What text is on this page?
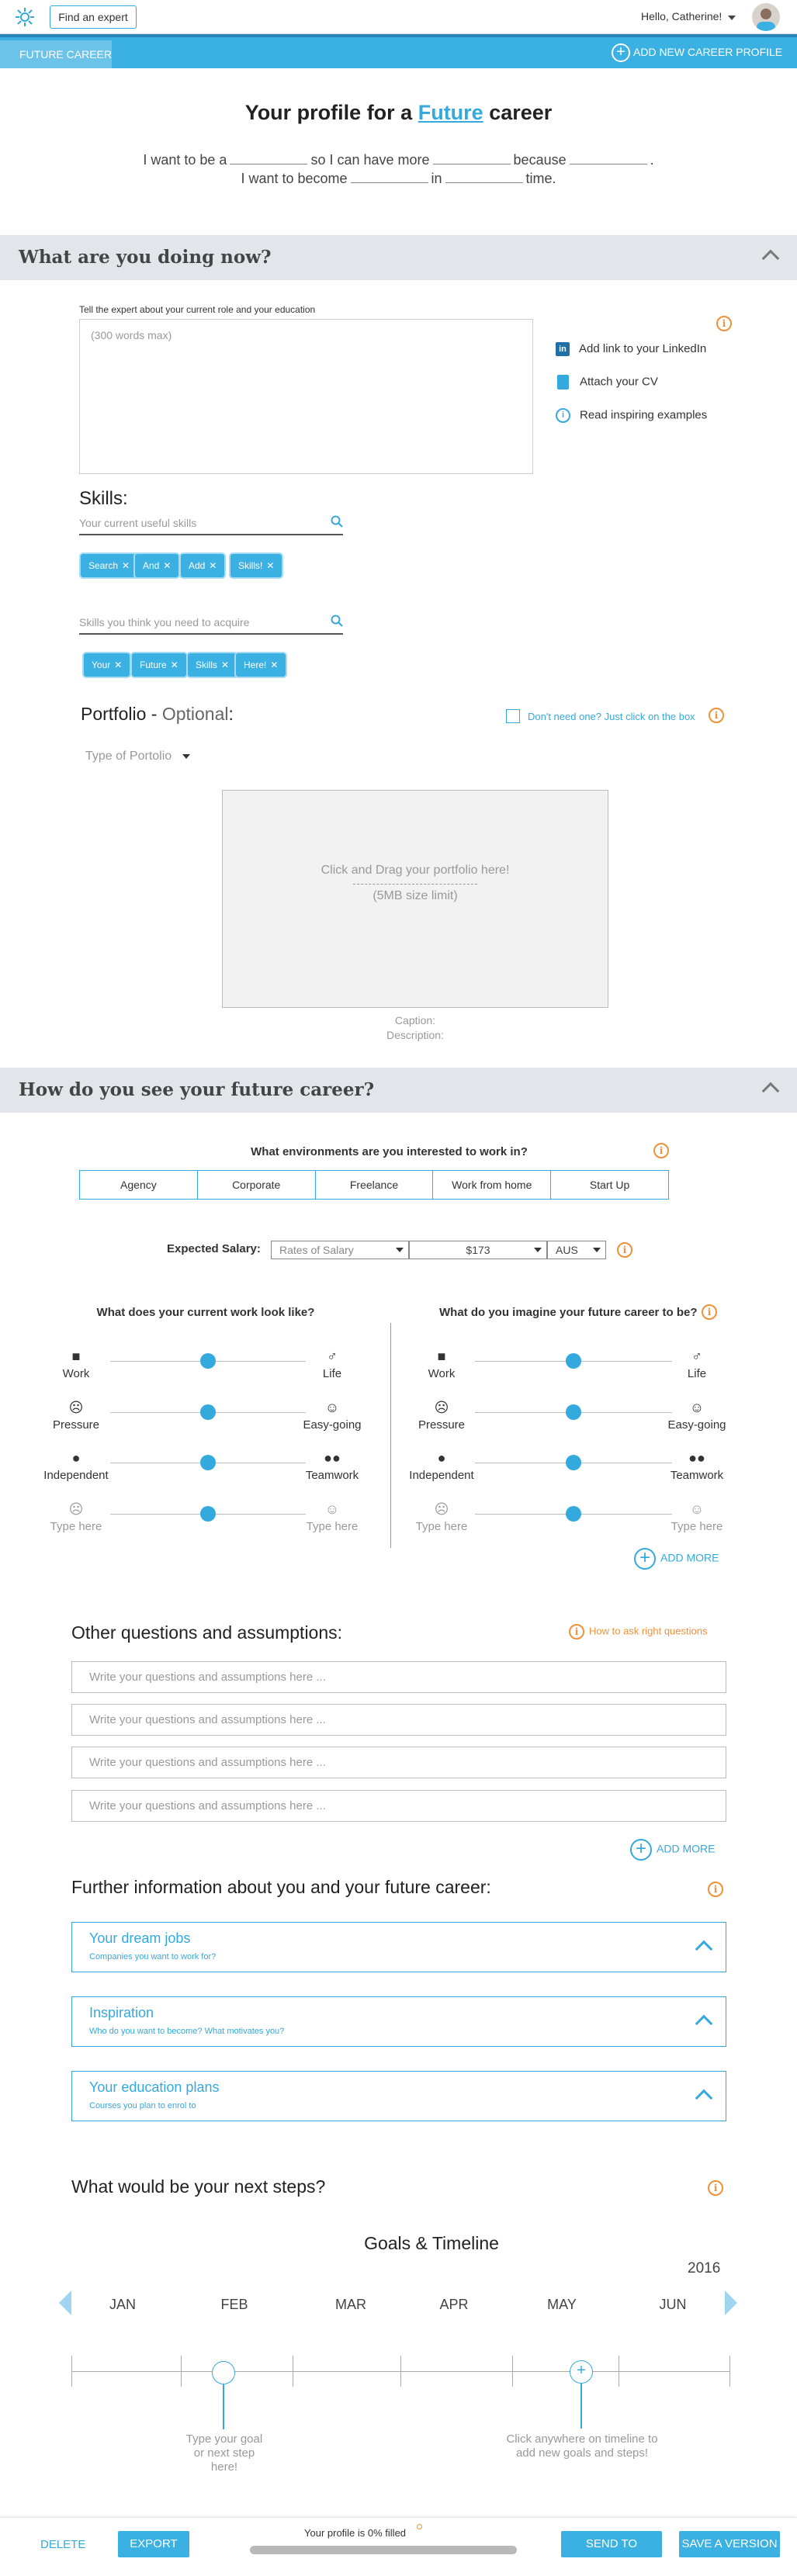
Find an expert	Hello, Catherine!
FUTURE CAREER	+ ADD NEW CAREER PROFILE
Your profile for a Future career
I want to be a	so I can have more	because	.
I want to become	in	time.
What are you doing now?
Tell the expert about your current role and your education
(300 words max)
i
in Add link to your LinkedIn
Attach your CV
i Read inspiring examples
Skills:
Your current useful skills
Search ✕	And ✕	Add ✕	Skills! ✕
Skills you think you need to acquire
Your ✕	Future ✕	Skills ✕	Here! ✕
Portfolio - Optional:	Don't need one? Just click on the box	i
Type of Portolio
Click and Drag your portfolio here!
(5MB size limit)
Caption:
Description:
How do you see your future career?
What environments are you interested to work in?	i
Agency	Corporate	Freelance	Work from home	Start Up
Expected Salary:	Rates of Salary	$173	AUS	i
What does your current work look like?	What do you imagine your future career to be?	i
■	♂
Work	Life
☹	☺
Pressure	Easy-going
●	●●
Independent	Teamwork
☹	☺
Type here	Type here
■	♂
Work	Life
☹	☺
Pressure	Easy-going
●	●●
Independent	Teamwork
☹	☺
Type here	Type here
+ ADD MORE
Other questions and assumptions:	i How to ask right questions
Write your questions and assumptions here ...
Write your questions and assumptions here ...
Write your questions and assumptions here ...
Write your questions and assumptions here ...
+ ADD MORE
Further information about you and your future career:	i
Your dream jobs
Companies you want to work for?
Inspiration
Who do you want to become? What motivates you?
Your education plans
Courses you plan to enrol to
What would be your next steps?	i
Goals & Timeline
2016
JAN	FEB	MAR	APR	MAY	JUN
Type your goal or next step here!
+
Click anywhere on timeline to add new goals and steps!
DELETE	EXPORT
Your profile is 0% filled
SEND TO EXPERT
SAVE A VERSION
